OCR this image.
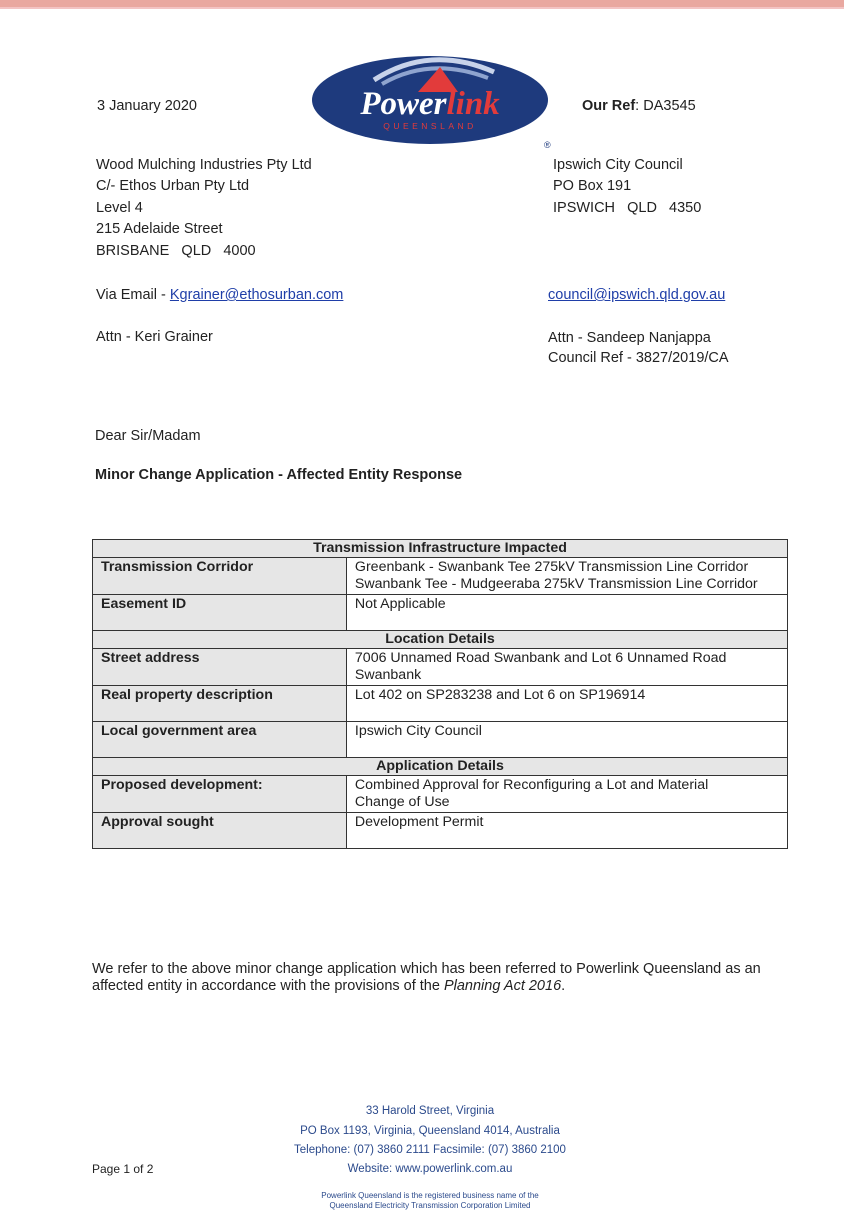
3 January 2020	Powerlink
QUEENSLAND
®
Our Ref: DA3545
Wood Mulching Industries Pty Ltd
C/- Ethos Urban Pty Ltd
Level 4
215 Adelaide Street
BRISBANE   QLD   4000
Ipswich City Council
PO Box 191
IPSWICH   QLD   4350
Via Email - Kgrainer@ethosurban.com	council@ipswich.qld.gov.au
Attn - Keri Grainer	Attn - Sandeep Nanjappa
Council Ref - 3827/2019/CA
Dear Sir/Madam
Minor Change Application - Affected Entity Response
Transmission Infrastructure Impacted	
Transmission Corridor	Greenbank - Swanbank Tee 275kV Transmission Line Corridor
Swanbank Tee - Mudgeeraba 275kV Transmission Line Corridor

Easement ID	Not Applicable
Location Details	
Street address	7006 Unnamed Road Swanbank and Lot 6 Unnamed Road
Swanbank

Real property description	Lot 402 on SP283238 and Lot 6 on SP196914
Local government area	Ipswich City Council
Application Details	
Proposed development:	Combined Approval for Reconfiguring a Lot and Material
Change of Use

Approval sought	Development Permit
We refer to the above minor change application which has been referred to Powerlink Queensland as an
affected entity in accordance with the provisions of the Planning Act 2016.
33 Harold Street, Virginia
PO Box 1193, Virginia, Queensland 4014, Australia
Telephone: (07) 3860 2111 Facsimile: (07) 3860 2100
Website: www.powerlink.com.au
Page 1 of 2
Powerlink Queensland is the registered business name of the
Queensland Electricity Transmission Corporation Limited
